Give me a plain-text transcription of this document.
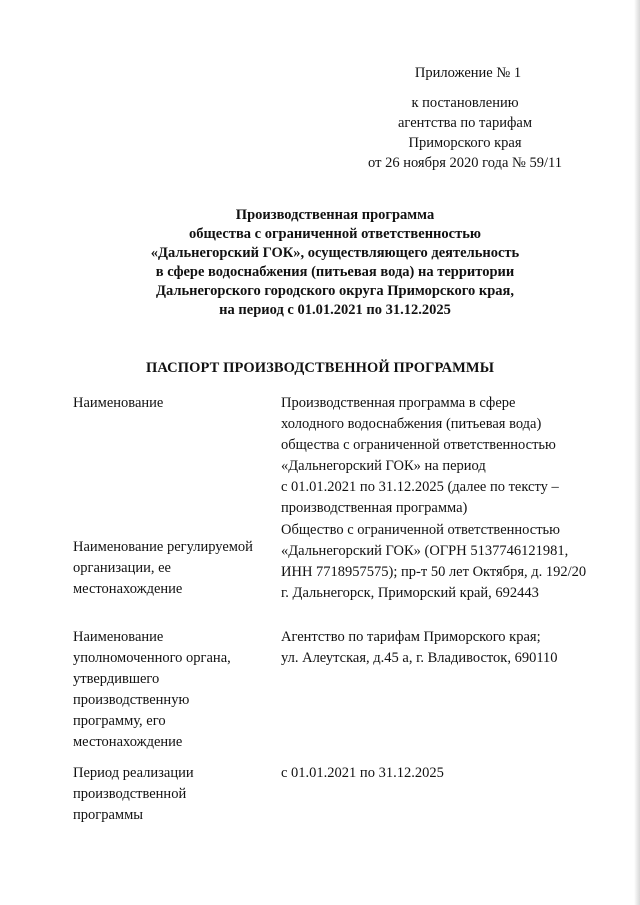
Приложение № 1
к постановлению
агентства по тарифам
Приморского края
от 26 ноября 2020 года № 59/11
Производственная программа
общества с ограниченной ответственностью
«Дальнегорский ГОК», осуществляющего деятельность
в сфере водоснабжения (питьевая вода) на территории
Дальнегорского городского округа Приморского края,
на период с 01.01.2021 по 31.12.2025
ПАСПОРТ ПРОИЗВОДСТВЕННОЙ ПРОГРАММЫ
Наименование	Производственная программа в сфере
холодного водоснабжения (питьевая вода)
общества с ограниченной ответственностью
«Дальнегорский ГОК» на период
с 01.01.2021 по 31.12.2025 (далее по тексту –
производственная программа)
Наименование регулируемой
организации, ее
местонахождение
Общество с ограниченной ответственностью
«Дальнегорский ГОК» (ОГРН 5137746121981,
ИНН 7718957575); пр-т 50 лет Октября, д. 192/20
г. Дальнегорск, Приморский край, 692443
Наименование
уполномоченного органа,
утвердившего
производственную
программу, его
местонахождение
Агентство по тарифам Приморского края;
ул. Алеутская, д.45 а, г. Владивосток, 690110
Период реализации
производственной
программы
с 01.01.2021 по 31.12.2025
